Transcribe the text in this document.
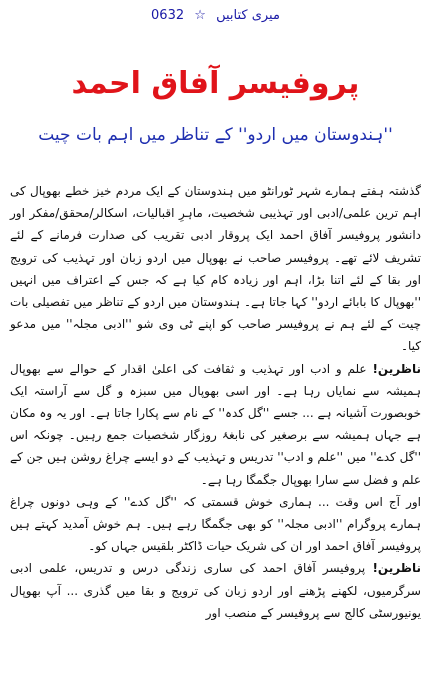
میری کتابیں ☆ 0632
پروفیسر آفاق احمد
''ہندوستان میں اردو'' کے تناظر میں اہم بات چیت

گذشتہ ہفتے ہمارے شہر ٹورانٹو میں ہندوستان کے ایک مردم خیز خطے بھوپال کی اہم ترین علمی/ادبی اور تہذیبی شخصیت، ماہرِ اقبالیات، اسکالر/محقق/مفکر اور دانشور پروفیسر آفاق احمد ایک پروقار ادبی تقریب کی صدارت فرمانے کے لئے تشریف لائے تھے۔ پروفیسر صاحب نے بھوپال میں اردو زبان اور تہذیب کی ترویج اور بقا کے لئے اتنا بڑا، اہم اور زیادہ کام کیا ہے کہ جس کے اعتراف میں انہیں ''بھوپال کا بابائے اردو'' کہا جاتا ہے۔ ہندوستان میں اردو کے تناظر میں تفصیلی بات چیت کے لئے ہم نے پروفیسر صاحب کو اپنے ٹی وی شو ''ادبی مجلہ'' میں مدعو کیا۔

ناظرین! علم و ادب اور تہذیب و ثقافت کی اعلیٰ اقدار کے حوالے سے بھوپال ہمیشہ سے نمایاں رہا ہے۔ اور اسی بھوپال میں سبزہ و گل سے آراستہ ایک خوبصورت آشیانہ ہے ... جسے ''گل کدہ'' کے نام سے پکارا جاتا ہے۔ اور یہ وہ مکان ہے جہاں ہمیشہ سے برصغیر کی نابغۂ روزگار شخصیات جمع رہیں۔ چونکہ اس ''گل کدے'' میں ''علم و ادب'' تدریس و تہذیب کے دو ایسے چراغ روشن ہیں جن کے علم و فضل سے سارا بھوپال جگمگا رہا ہے۔

اور آج اس وقت ... ہماری خوش قسمتی کہ ''گل کدے'' کے وہی دونوں چراغ ہمارے پروگرام ''ادبی مجلہ'' کو بھی جگمگا رہے ہیں۔ ہم خوش آمدید کہتے ہیں پروفیسر آفاق احمد اور ان کی شریک حیات ڈاکٹر بلقیس جہاں کو۔

ناظرین! پروفیسر آفاق احمد کی ساری زندگی درس و تدریس، علمی ادبی سرگرمیوں، لکھنے پڑھنے اور اردو زبان کی ترویج و بقا میں گذری ... آپ بھوپال یونیورسٹی کالج سے پروفیسر کے منصب اور
